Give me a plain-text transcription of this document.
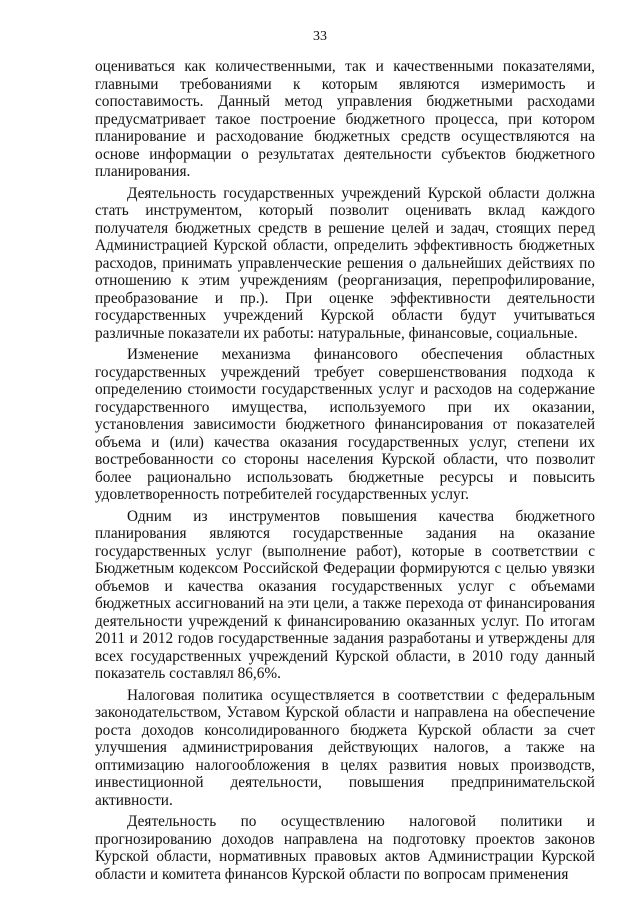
33

оцениваться как количественными, так и качественными показателями, главными требованиями к которым являются измеримость и сопоставимость. Данный метод управления бюджетными расходами предусматривает такое построение бюджетного процесса, при котором планирование и расходование бюджетных средств осуществляются на основе информации о результатах деятельности субъектов бюджетного планирования.

Деятельность государственных учреждений Курской области должна стать инструментом, который позволит оценивать вклад каждого получателя бюджетных средств в решение целей и задач, стоящих перед Администрацией Курской области, определить эффективность бюджетных расходов, принимать управленческие решения о дальнейших действиях по отношению к этим учреждениям (реорганизация, перепрофилирование, преобразование и пр.). При оценке эффективности деятельности государственных учреждений Курской области будут учитываться различные показатели их работы: натуральные, финансовые, социальные.

Изменение механизма финансового обеспечения областных государственных учреждений требует совершенствования подхода к определению стоимости государственных услуг и расходов на содержание государственного имущества, используемого при их оказании, установления зависимости бюджетного финансирования от показателей объема и (или) качества оказания государственных услуг, степени их востребованности со стороны населения Курской области, что позволит более рационально использовать бюджетные ресурсы и повысить удовлетворенность потребителей государственных услуг.

Одним из инструментов повышения качества бюджетного планирования являются государственные задания на оказание государственных услуг (выполнение работ), которые в соответствии с Бюджетным кодексом Российской Федерации формируются с целью увязки объемов и качества оказания государственных услуг с объемами бюджетных ассигнований на эти цели, а также перехода от финансирования деятельности учреждений к финансированию оказанных услуг. По итогам 2011 и 2012 годов государственные задания разработаны и утверждены для всех государственных учреждений Курской области, в 2010 году данный показатель составлял 86,6%.

Налоговая политика осуществляется в соответствии с федеральным законодательством, Уставом Курской области и направлена на обеспечение роста доходов консолидированного бюджета Курской области за счет улучшения администрирования действующих налогов, а также на оптимизацию налогообложения в целях развития новых производств, инвестиционной деятельности, повышения предпринимательской активности.

Деятельность по осуществлению налоговой политики и прогнозированию доходов направлена на подготовку проектов законов Курской области, нормативных правовых актов Администрации Курской области и комитета финансов Курской области по вопросам применения
